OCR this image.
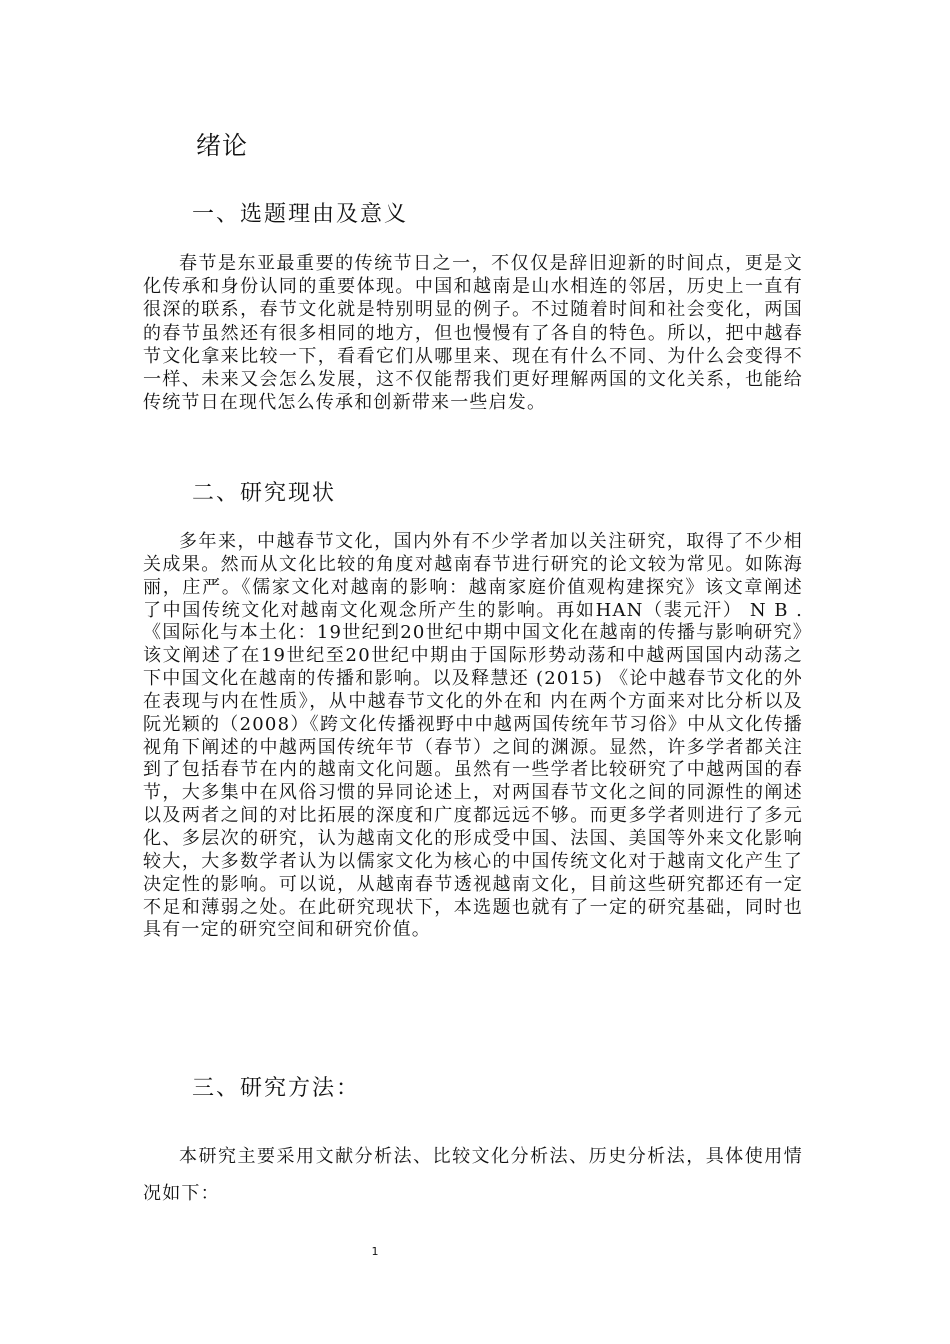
绪论
一、选题理由及意义

春节是东亚最重要的传统节日之一，不仅仅是辞旧迎新的时间点，更是文化传承和身份认同的重要体现。中国和越南是山水相连的邻居，历史上一直有很深的联系，春节文化就是特别明显的例子。不过随着时间和社会变化，两国的春节虽然还有很多相同的地方，但也慢慢有了各自的特色。所以，把中越春节文化拿来比较一下，看看它们从哪里来、现在有什么不同、为什么会变得不一样、未来又会怎么发展，这不仅能帮我们更好理解两国的文化关系，也能给传统节日在现代怎么传承和创新带来一些启发。

二、研究现状

多年来，中越春节文化，国内外有不少学者加以关注研究，取得了不少相关成果。然而从文化比较的角度对越南春节进行研究的论文较为常见。如陈海丽，庄严。《儒家文化对越南的影响：越南家庭价值观构建探究》该文章阐述了中国传统文化对越南文化观念所产生的影响。再如HAN（裴元汗） N B .《国际化与本土化：19世纪到20世纪中期中国文化在越南的传播与影响研究》该文阐述了在19世纪至20世纪中期由于国际形势动荡和中越两国国内动荡之下中国文化在越南的传播和影响。以及释慧还 (2015) 《论中越春节文化的外在表现与内在性质》，从中越春节文化的外在和 内在两个方面来对比分析以及阮光颖的（2008）《跨文化传播视野中中越两国传统年节习俗》中从文化传播视角下阐述的中越两国传统年节（春节）之间的渊源。显然，许多学者都关注到了包括春节在内的越南文化问题。虽然有一些学者比较研究了中越两国的春节，大多集中在风俗习惯的异同论述上，对两国春节文化之间的同源性的阐述以及两者之间的对比拓展的深度和广度都远远不够。而更多学者则进行了多元化、多层次的研究，认为越南文化的形成受中国、法国、美国等外来文化影响较大，大多数学者认为以儒家文化为核心的中国传统文化对于越南文化产生了决定性的影响。可以说，从越南春节透视越南文化，目前这些研究都还有一定不足和薄弱之处。在此研究现状下，本选题也就有了一定的研究基础，同时也具有一定的研究空间和研究价值。

三、研究方法：

本研究主要采用文献分析法、比较文化分析法、历史分析法，具体使用情况如下：

1
